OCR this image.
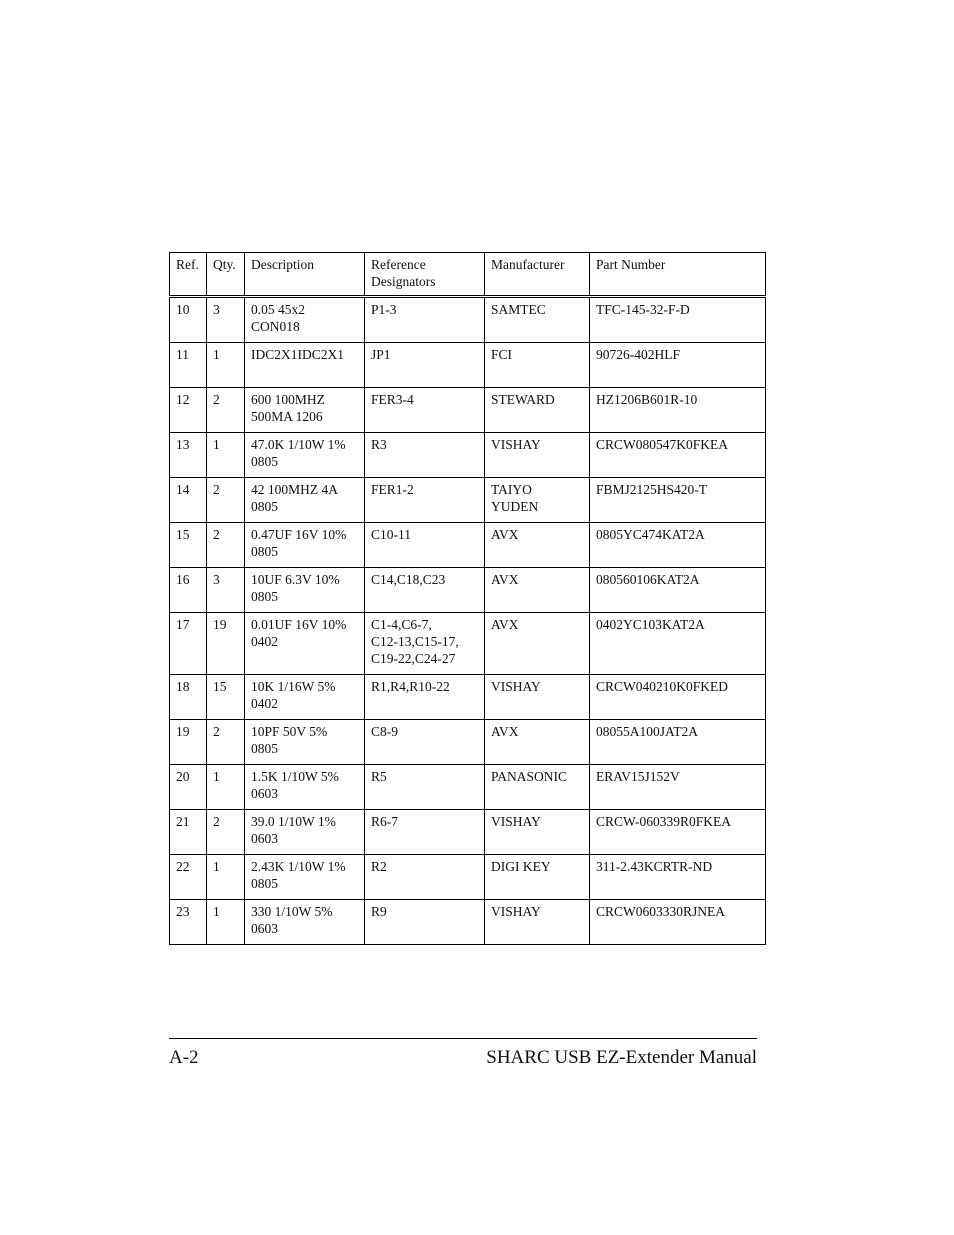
Ref.	Qty.	Description	Reference
Designators	Manufacturer	Part Number
10	3	0.05 45x2
CON018	P1-3	SAMTEC	TFC-145-32-F-D
11	1	IDC2X1IDC2X1	JP1	FCI	90726-402HLF
12	2	600 100MHZ
500MA 1206	FER3-4	STEWARD	HZ1206B601R-10
13	1	47.0K 1/10W 1%
0805	R3	VISHAY	CRCW080547K0FKEA
14	2	42 100MHZ 4A
0805	FER1-2	TAIYO
YUDEN	FBMJ2125HS420-T
15	2	0.47UF 16V 10%
0805	C10-11	AVX	0805YC474KAT2A
16	3	10UF 6.3V 10%
0805	C14,C18,C23	AVX	080560106KAT2A
17	19	0.01UF 16V 10%
0402	C1-4,C6-7,
C12-13,C15-17,
C19-22,C24-27	AVX	0402YC103KAT2A
18	15	10K 1/16W 5%
0402	R1,R4,R10-22	VISHAY	CRCW040210K0FKED
19	2	10PF 50V 5%
0805	C8-9	AVX	08055A100JAT2A
20	1	1.5K 1/10W 5%
0603	R5	PANASONIC	ERAV15J152V
21	2	39.0 1/10W 1%
0603	R6-7	VISHAY	CRCW-060339R0FKEA
22	1	2.43K 1/10W 1%
0805	R2	DIGI KEY	311-2.43KCRTR-ND
23	1	330 1/10W 5%
0603	R9	VISHAY	CRCW0603330RJNEA
A-2	SHARC USB EZ-Extender Manual
